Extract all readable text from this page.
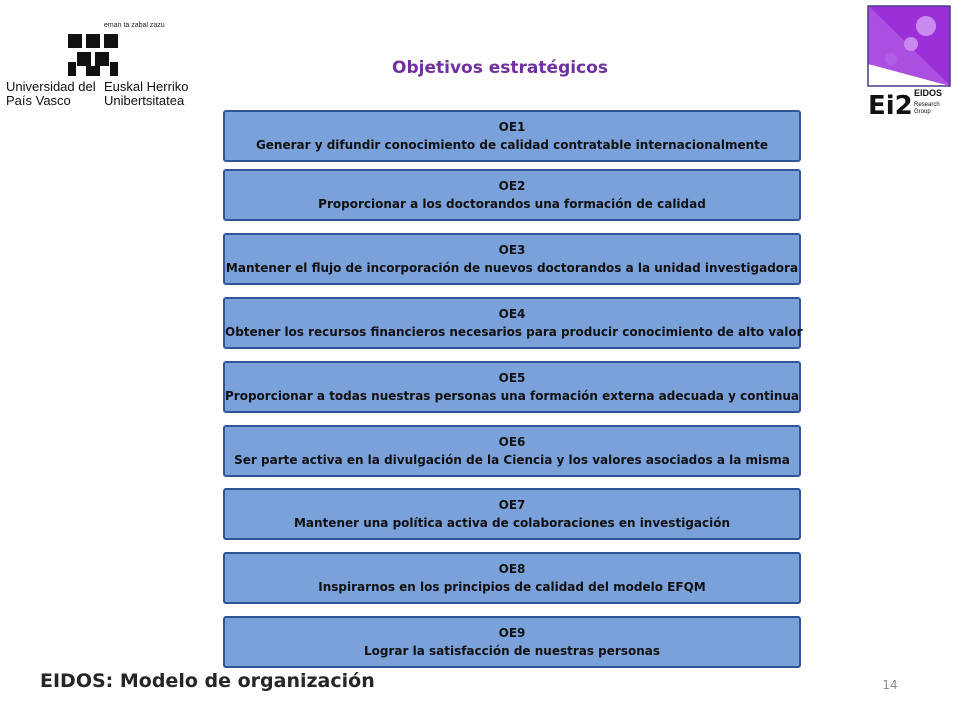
eman ta zabal zazu
Universidad del País Vasco
Euskal Herriko Unibertsitatea
Objetivos estratégicos
Ei2 EIDOS
Research
Group
OE1
Generar y difundir conocimiento de calidad contratable internacionalmente
OE2
Proporcionar a los doctorandos una formación de calidad
OE3
Mantener el flujo de incorporación de nuevos doctorandos a la unidad investigadora
OE4
Obtener los recursos financieros necesarios para producir conocimiento de alto valor
OE5
Proporcionar a todas nuestras personas una formación externa adecuada y continua
OE6
Ser parte activa en la divulgación de la Ciencia y los valores asociados a la misma
OE7
Mantener una política activa de colaboraciones en investigación
OE8
Inspirarnos en los principios de calidad del modelo EFQM
OE9
Lograr la satisfacción de nuestras personas
EIDOS: Modelo de organización	14
